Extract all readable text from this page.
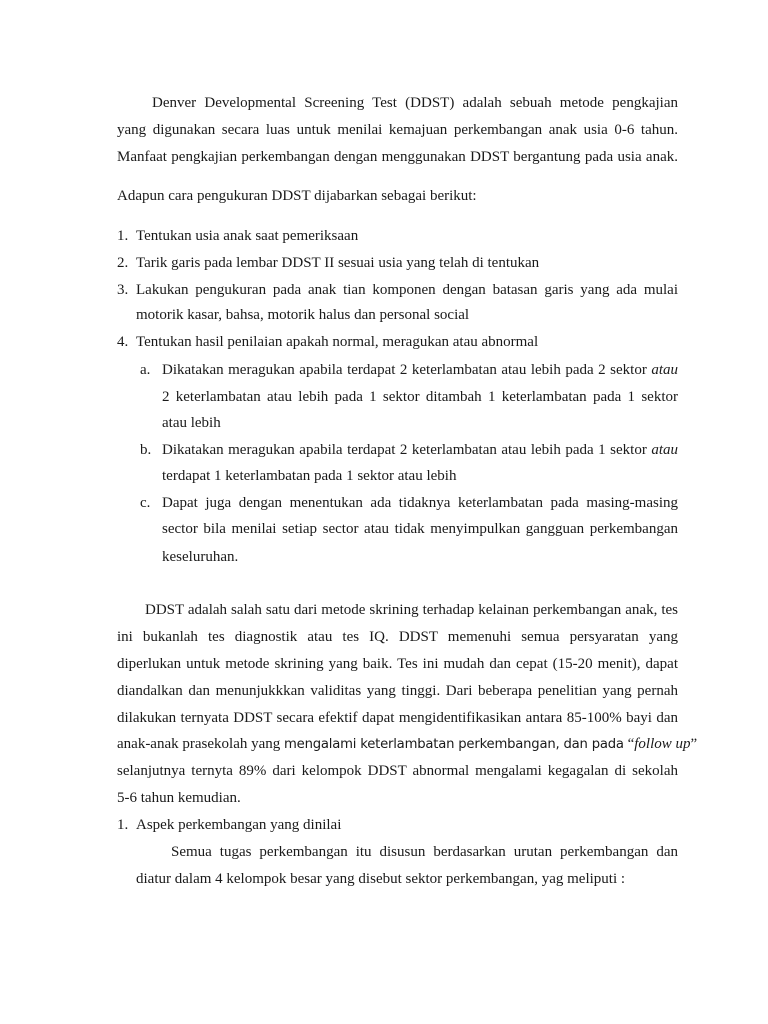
Denver Developmental Screening Test (DDST) adalah sebuah metode pengkajian
yang digunakan secara luas untuk menilai kemajuan perkembangan anak usia 0-6 tahun.
Manfaat pengkajian perkembangan dengan menggunakan DDST bergantung pada usia anak.
Adapun cara pengukuran DDST dijabarkan sebagai berikut:
1. Tentukan usia anak saat pemeriksaan
2. Tarik garis pada lembar DDST II sesuai usia yang telah di tentukan
3. Lakukan pengukuran pada anak tian komponen dengan batasan garis yang ada mulai
motorik kasar, bahsa, motorik halus dan personal social
4. Tentukan hasil penilaian apakah normal, meragukan atau abnormal
a. Dikatakan meragukan apabila terdapat 2 keterlambatan atau lebih pada 2 sektor atau
2 keterlambatan atau lebih pada 1 sektor ditambah 1 keterlambatan pada 1 sektor
atau lebih
b. Dikatakan meragukan apabila terdapat 2 keterlambatan atau lebih pada 1 sektor atau
terdapat 1 keterlambatan pada 1 sektor atau lebih
c. Dapat juga dengan menentukan ada tidaknya keterlambatan pada masing-masing
sector bila menilai setiap sector atau tidak menyimpulkan gangguan perkembangan
keseluruhan.
DDST adalah salah satu dari metode skrining terhadap kelainan perkembangan anak, tes
ini bukanlah tes diagnostik atau tes IQ. DDST memenuhi semua persyaratan yang
diperlukan untuk metode skrining yang baik. Tes ini mudah dan cepat (15-20 menit), dapat
diandalkan dan menunjukkkan validitas yang tinggi. Dari beberapa penelitian yang pernah
dilakukan ternyata DDST secara efektif dapat mengidentifikasikan antara 85-100% bayi dan
anak-anak prasekolah yang mengalami keterlambatan perkembangan, dan pada “follow up”
selanjutnya ternyta 89% dari kelompok DDST abnormal mengalami kegagalan di sekolah
5-6 tahun kemudian.
1. Aspek perkembangan yang dinilai
Semua tugas perkembangan itu disusun berdasarkan urutan perkembangan dan
diatur dalam 4 kelompok besar yang disebut sektor perkembangan, yag meliputi :
